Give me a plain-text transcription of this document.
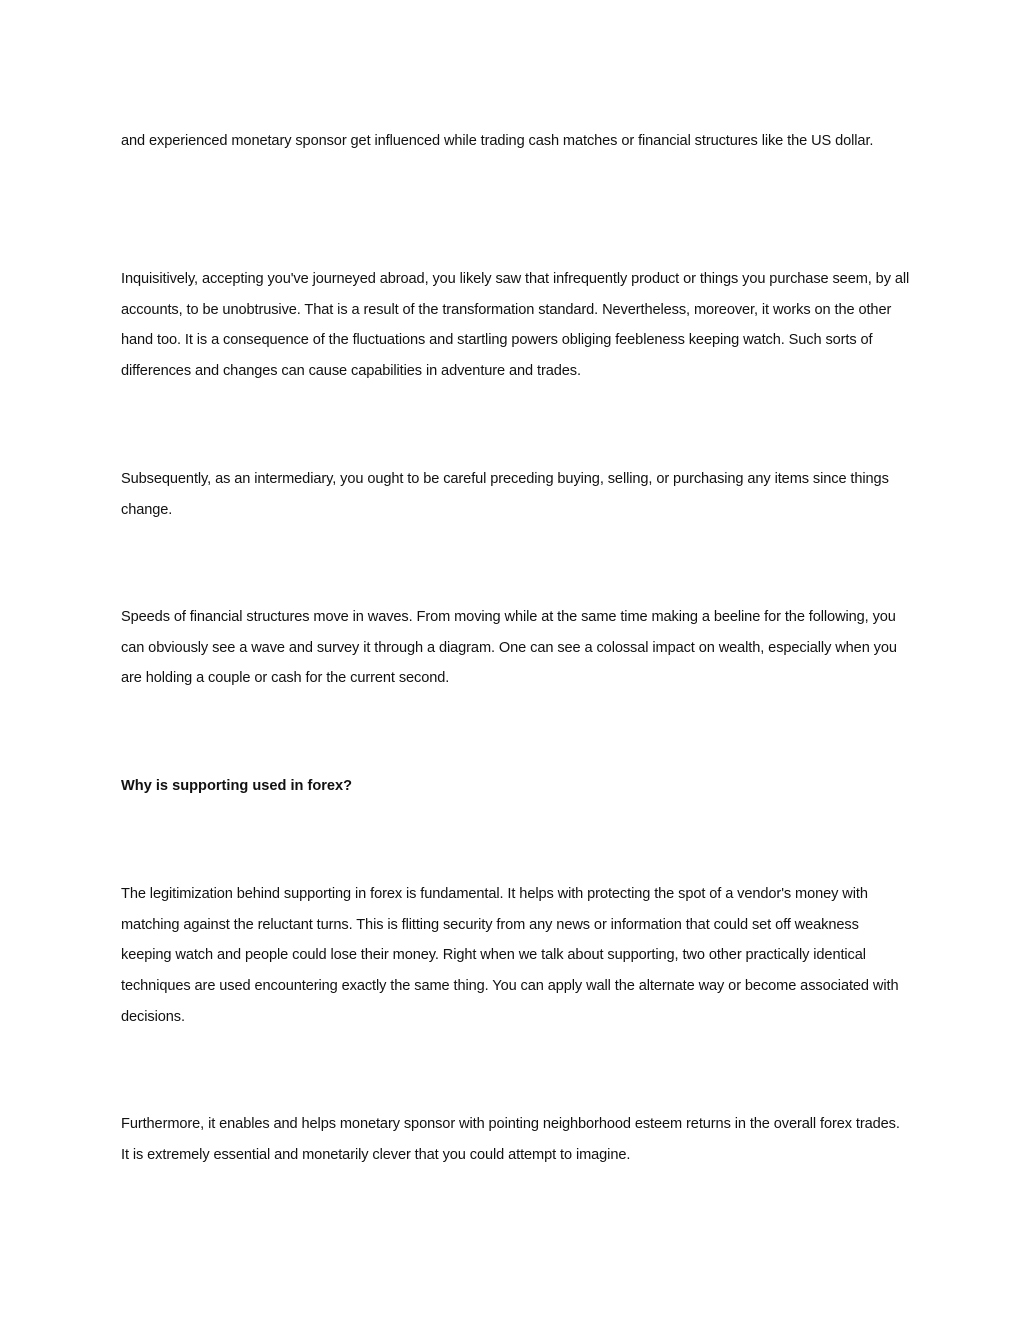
and experienced monetary sponsor get influenced while trading cash matches or financial structures like the US dollar.

Inquisitively, accepting you've journeyed abroad, you likely saw that infrequently product or things you purchase seem, by all accounts, to be unobtrusive. That is a result of the transformation standard. Nevertheless, moreover, it works on the other hand too. It is a consequence of the fluctuations and startling powers obliging feebleness keeping watch. Such sorts of differences and changes can cause capabilities in adventure and trades.

Subsequently, as an intermediary, you ought to be careful preceding buying, selling, or purchasing any items since things change.

Speeds of financial structures move in waves. From moving while at the same time making a beeline for the following, you can obviously see a wave and survey it through a diagram. One can see a colossal impact on wealth, especially when you are holding a couple or cash for the current second.

Why is supporting used in forex?

The legitimization behind supporting in forex is fundamental. It helps with protecting the spot of a vendor's money with matching against the reluctant turns. This is flitting security from any news or information that could set off weakness keeping watch and people could lose their money. Right when we talk about supporting, two other practically identical techniques are used encountering exactly the same thing. You can apply wall the alternate way or become associated with decisions.

Furthermore, it enables and helps monetary sponsor with pointing neighborhood esteem returns in the overall forex trades. It is extremely essential and monetarily clever that you could attempt to imagine.
